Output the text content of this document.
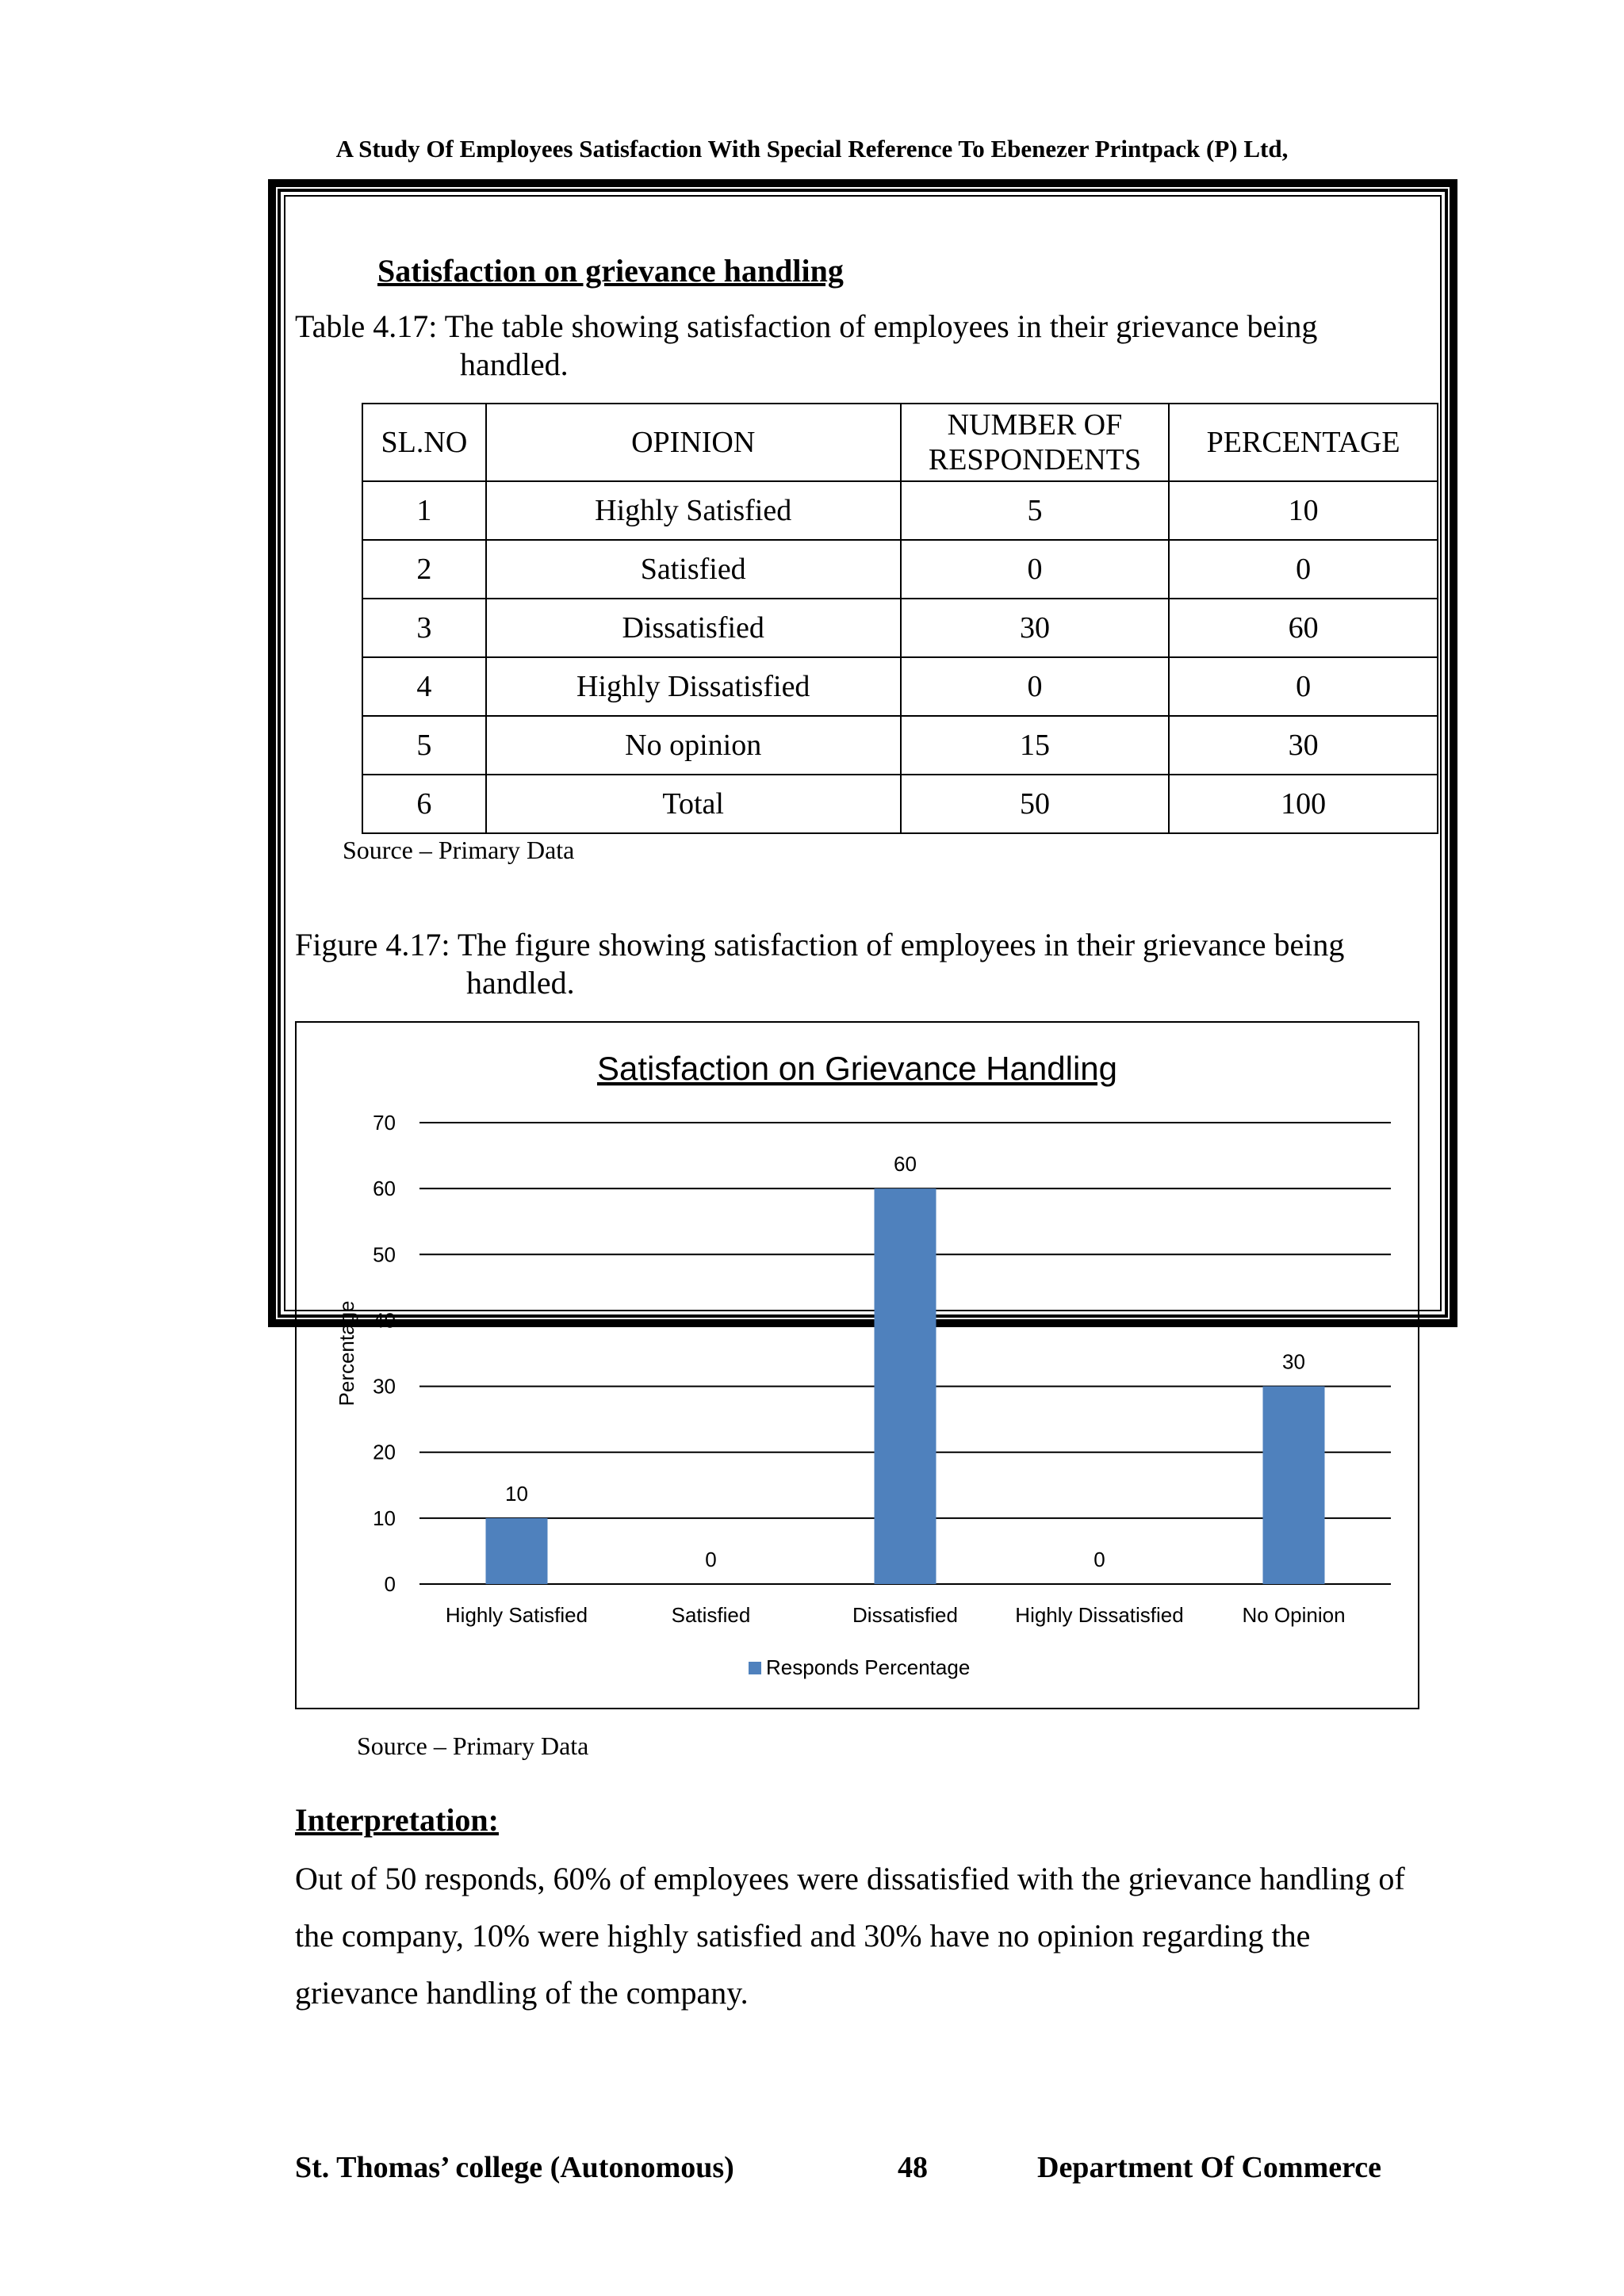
A Study Of Employees Satisfaction With Special Reference To Ebenezer Printpack (P) Ltd,
Satisfaction on grievance handling
Table 4.17: The table showing satisfaction of employees in their grievance being
handled.
SL.NO	OPINION	NUMBER OF RESPONDENTS	PERCENTAGE
1	Highly Satisfied	5	10
2	Satisfied	0	0
3	Dissatisfied	30	60
4	Highly Dissatisfied	0	0
5	No opinion	15	30
6	Total	50	100
Source – Primary Data
Figure 4.17: The figure showing satisfaction of employees in their grievance being
handled.
Satisfaction on Grievance Handling
0
10
20
30
40
50
60
70
Percentage
10
Highly Satisfied
0
Satisfied
60
Dissatisfied
0
Highly Dissatisfied
30
No Opinion
Responds Percentage
Source – Primary Data
Interpretation:
Out of 50 responds, 60% of employees were dissatisfied with the grievance handling of the company, 10% were highly satisfied and 30% have no opinion regarding the grievance handling of the company.
St. Thomas’ college (Autonomous)	48	Department Of Commerce
